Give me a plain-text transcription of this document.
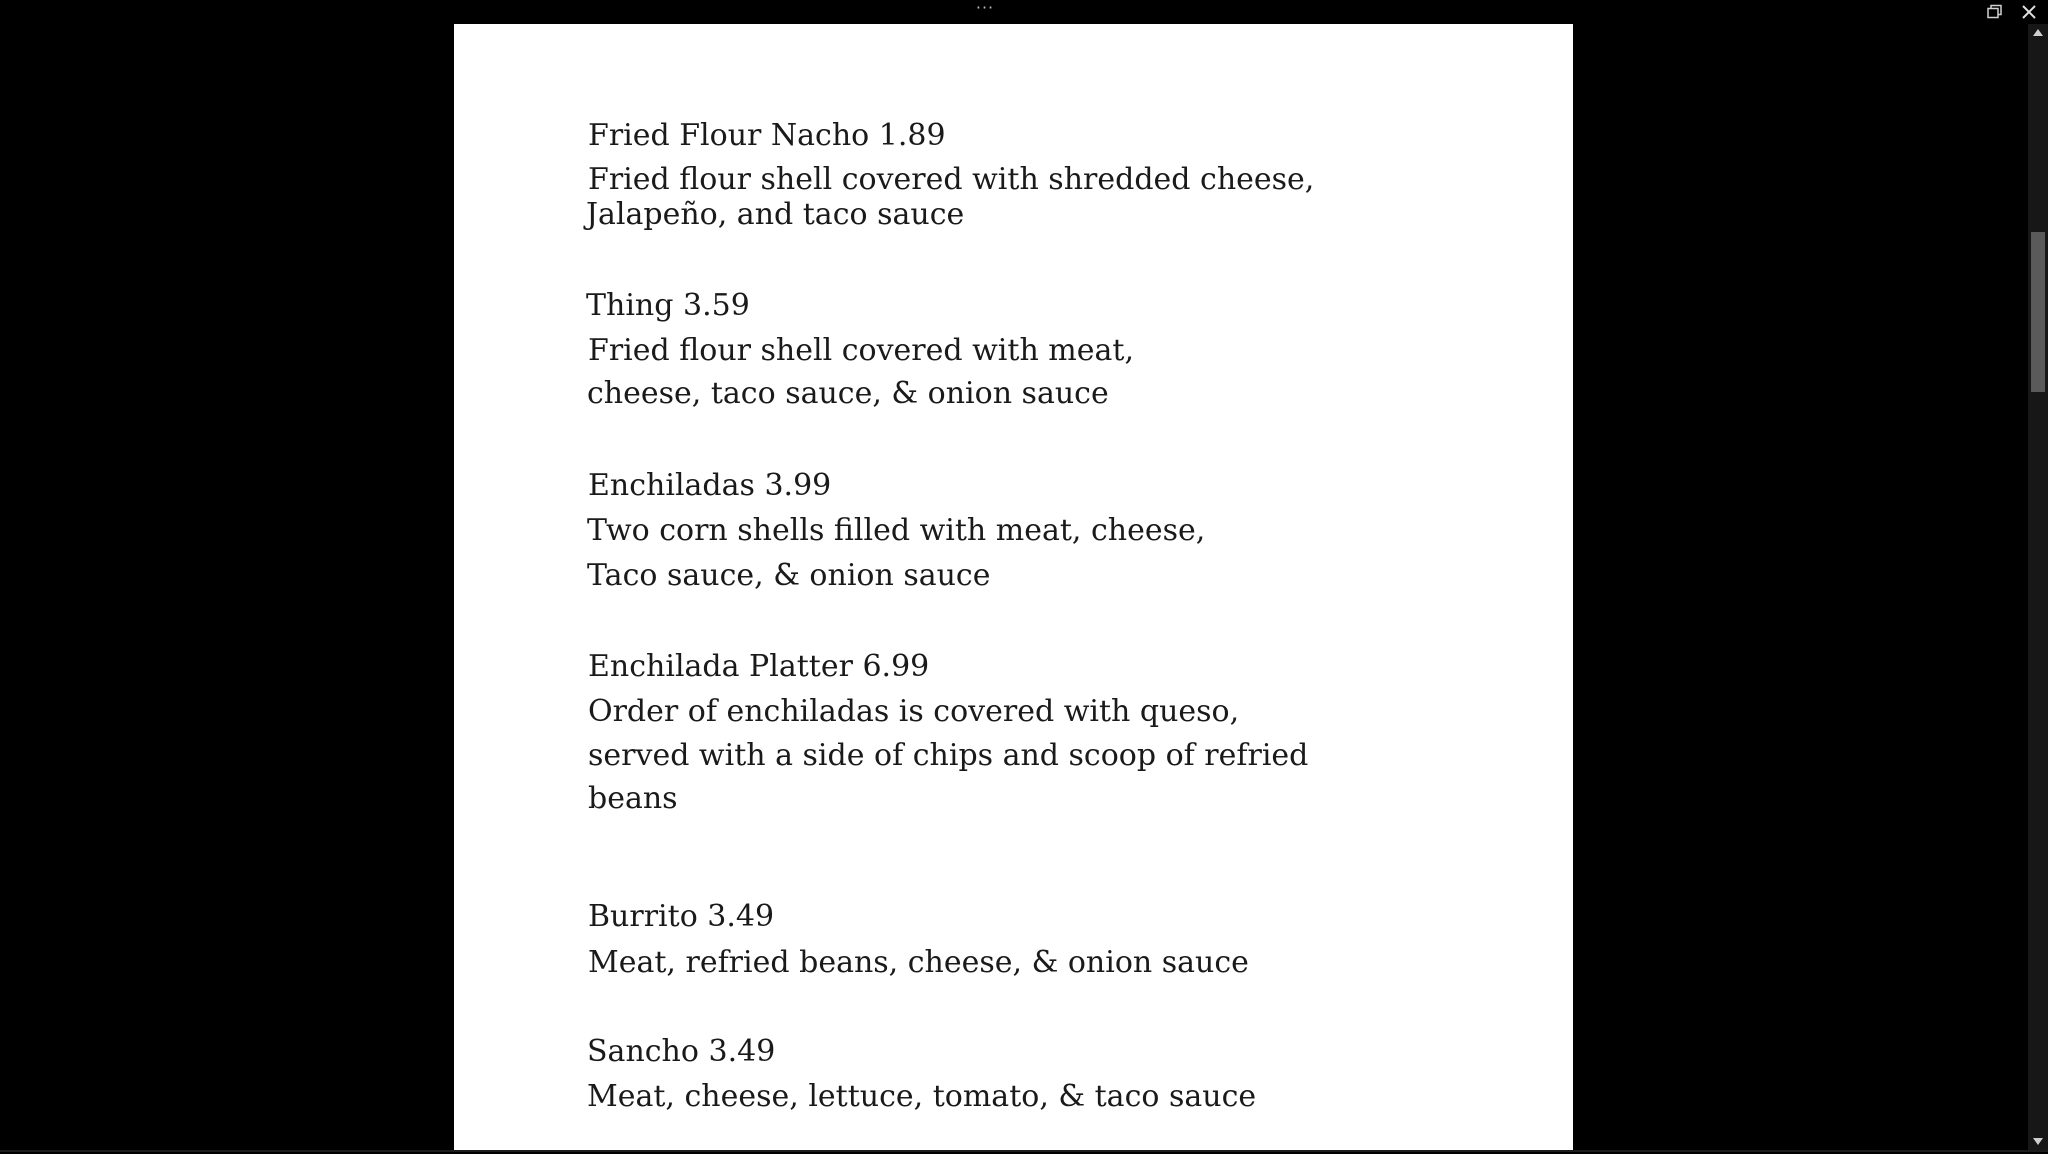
···
Fried Flour Nacho 1.89
Fried flour shell covered with shredded cheese,
Jalapeño, and taco sauce
Thing 3.59
Fried flour shell covered with meat,
cheese, taco sauce, & onion sauce
Enchiladas 3.99
Two corn shells filled with meat, cheese,
Taco sauce, & onion sauce
Enchilada Platter 6.99
Order of enchiladas is covered with queso,
served with a side of chips and scoop of refried
beans
Burrito 3.49
Meat, refried beans, cheese, & onion sauce
Sancho 3.49
Meat, cheese, lettuce, tomato, & taco sauce
